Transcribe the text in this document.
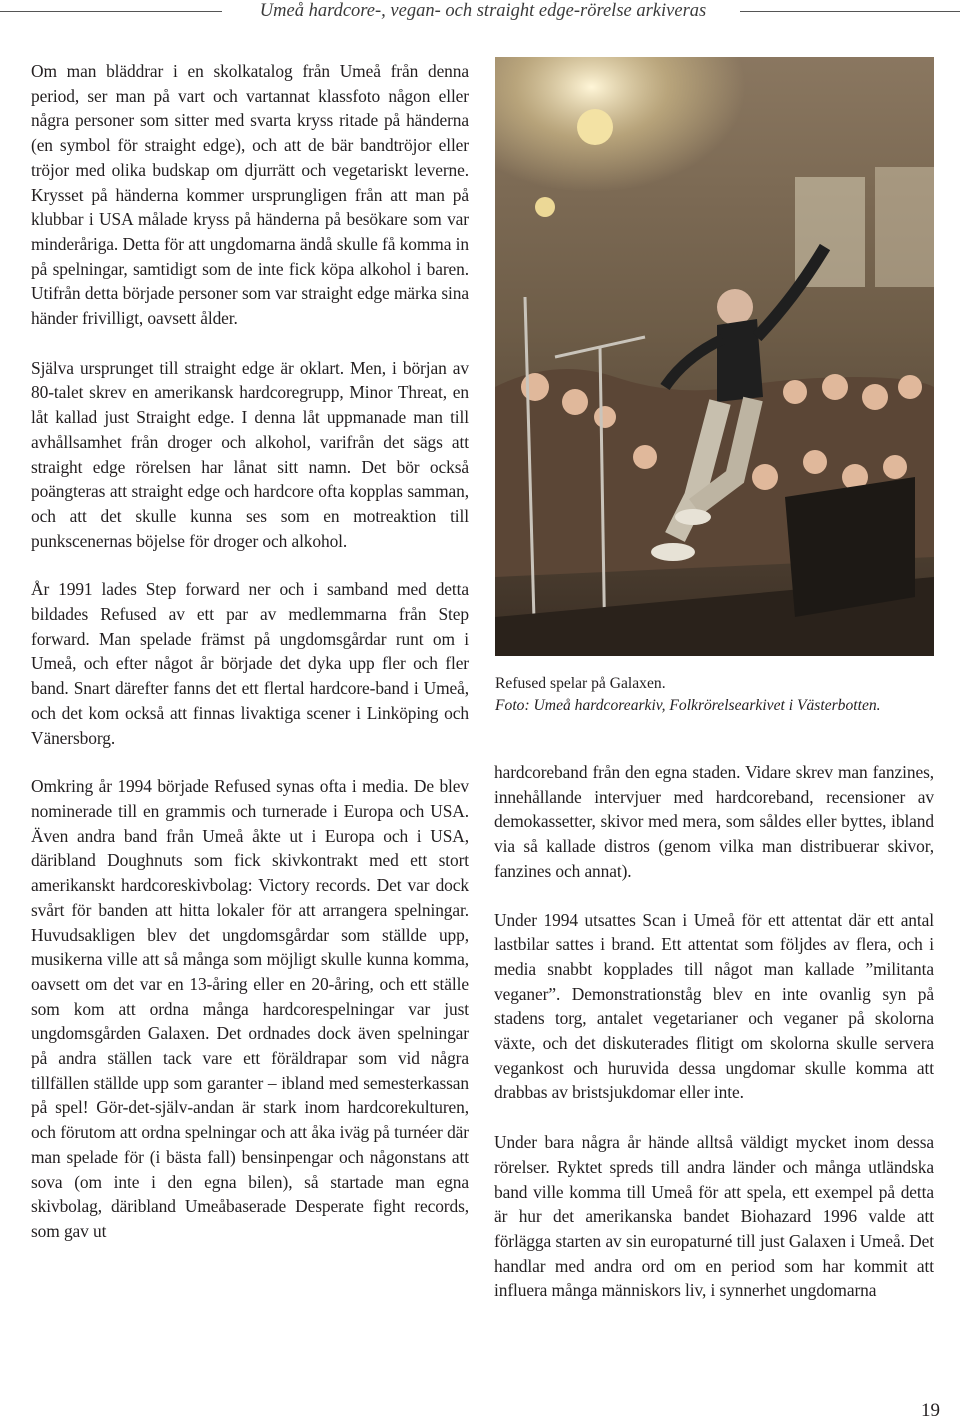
Umeå hardcore-, vegan- och straight edge-rörelse arkiveras

Om man bläddrar i en skolkatalog från Umeå från denna period, ser man på vart och vartannat klassfoto någon eller några personer som sitter med svarta kryss ritade på händerna (en symbol för straight edge), och att de bär bandtröjor eller tröjor med olika budskap om djurrätt och vegetariskt leverne. Krysset på händerna kommer ursprungligen från att man på klubbar i USA målade kryss på händerna på besökare som var minderåriga. Detta för att ungdomarna ändå skulle få komma in på spelningar, samtidigt som de inte fick köpa alkohol i baren. Utifrån detta började personer som var straight edge märka sina händer frivilligt, oavsett ålder.

Själva ursprunget till straight edge är oklart. Men, i början av 80-talet skrev en amerikansk hardcoregrupp, Minor Threat, en låt kallad just Straight edge. I denna låt uppmanade man till avhållsamhet från droger och alkohol, varifrån det sägs att straight edge rörelsen har lånat sitt namn. Det bör också poängteras att straight edge och hardcore ofta kopplas samman, och att det skulle kunna ses som en motreaktion till punkscenernas böjelse för droger och alkohol.

År 1991 lades Step forward ner och i samband med detta bildades Refused av ett par av medlemmarna från Step forward. Man spelade främst på ungdomsgårdar runt om i Umeå, och efter något år började det dyka upp fler och fler band. Snart därefter fanns det ett flertal hardcore-band i Umeå, och det kom också att finnas livaktiga scener i Linköping och Vänersborg.

Omkring år 1994 började Refused synas ofta i media. De blev nominerade till en grammis och turnerade i Europa och USA. Även andra band från Umeå åkte ut i Europa och i USA, däribland Doughnuts som fick skivkontrakt med ett stort amerikanskt hardcoreskivbolag: Victory records. Det var dock svårt för banden att hitta lokaler för att arrangera spelningar. Huvudsakligen blev det ungdomsgårdar som ställde upp, musikerna ville att så många som möjligt skulle kunna komma, oavsett om det var en 13-åring eller en 20-åring, och ett ställe som kom att ordna många hardcorespelningar var just ungdomsgården Galaxen. Det ordnades dock även spelningar på andra ställen tack vare ett föräldrapar som vid några tillfällen ställde upp som garanter – ibland med semesterkassan på spel! Gör-det-själv-andan är stark inom hardcorekulturen, och förutom att ordna spelningar och att åka iväg på turnéer där man spelade för (i bästa fall) bensinpengar och någonstans att sova (om inte i den egna bilen), så startade man egna skivbolag, däribland Umeåbaserade Desperate fight records, som gav ut

Refused spelar på Galaxen.
Foto: Umeå hardcorearkiv, Folkrörelsearkivet i Västerbotten.

hardcoreband från den egna staden. Vidare skrev man fanzines, innehållande intervjuer med hardcoreband, recensioner av demokassetter, skivor med mera, som såldes eller byttes, ibland via så kallade distros (genom vilka man distribuerar skivor, fanzines och annat).

Under 1994 utsattes Scan i Umeå för ett attentat där ett antal lastbilar sattes i brand. Ett attentat som följdes av flera, och i media snabbt kopplades till något man kallade ”militanta veganer”. Demonstrationståg blev en inte ovanlig syn på stadens torg, antalet vegetarianer och veganer på skolorna växte, och det diskuterades flitigt om skolorna skulle servera vegankost och huruvida dessa ungdomar skulle komma att drabbas av bristsjukdomar eller inte.

Under bara några år hände alltså väldigt mycket inom dessa rörelser. Ryktet spreds till andra länder och många utländska band ville komma till Umeå för att spela, ett exempel på detta är hur det amerikanska bandet Biohazard 1996 valde att förlägga starten av sin europaturné till just Galaxen i Umeå. Det handlar med andra ord om en period som har kommit att influera många människors liv, i synnerhet ungdomarna

19
